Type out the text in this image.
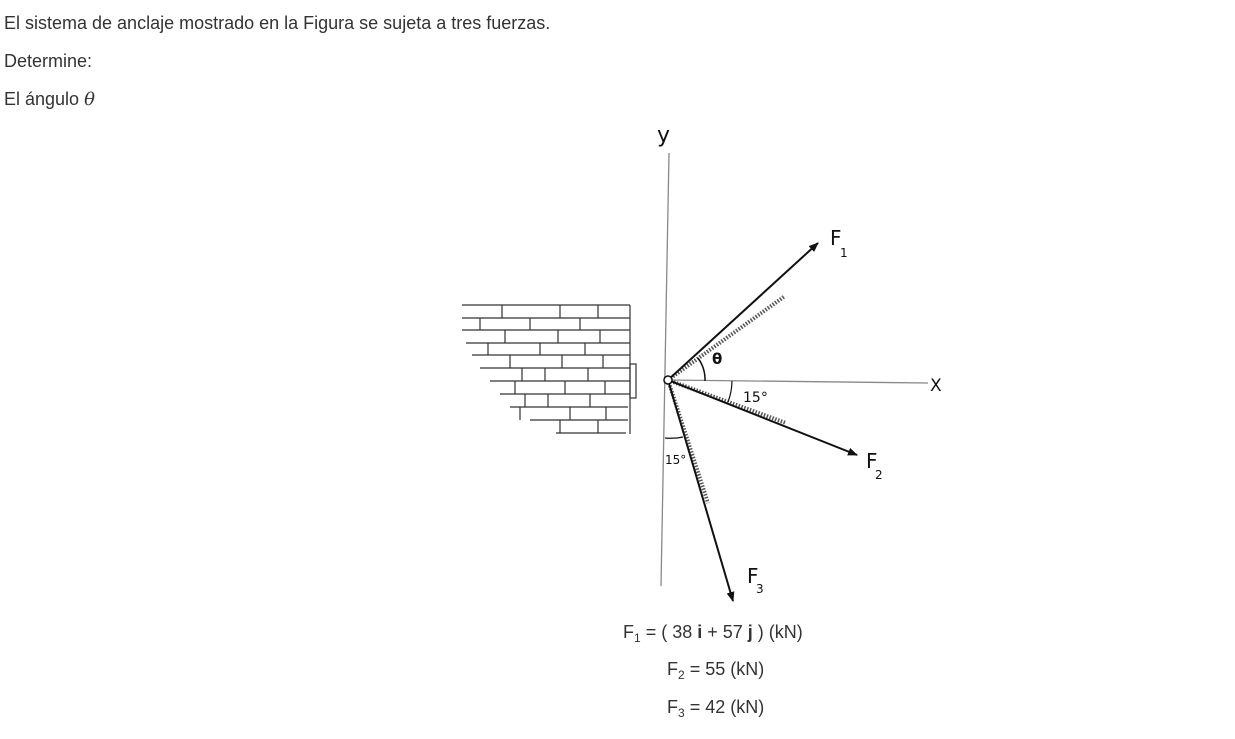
El sistema de anclaje mostrado en la Figura se sujeta a tres fuerzas.
Determine:
El ángulo θ
y
X
θ
15°
15°
F
1
F
2
F
3
$F_1$ = ( 38 i + 57 j ) (kN)
$F_2 = 55$ (kN)
$F_3 = 42$ (kN)
